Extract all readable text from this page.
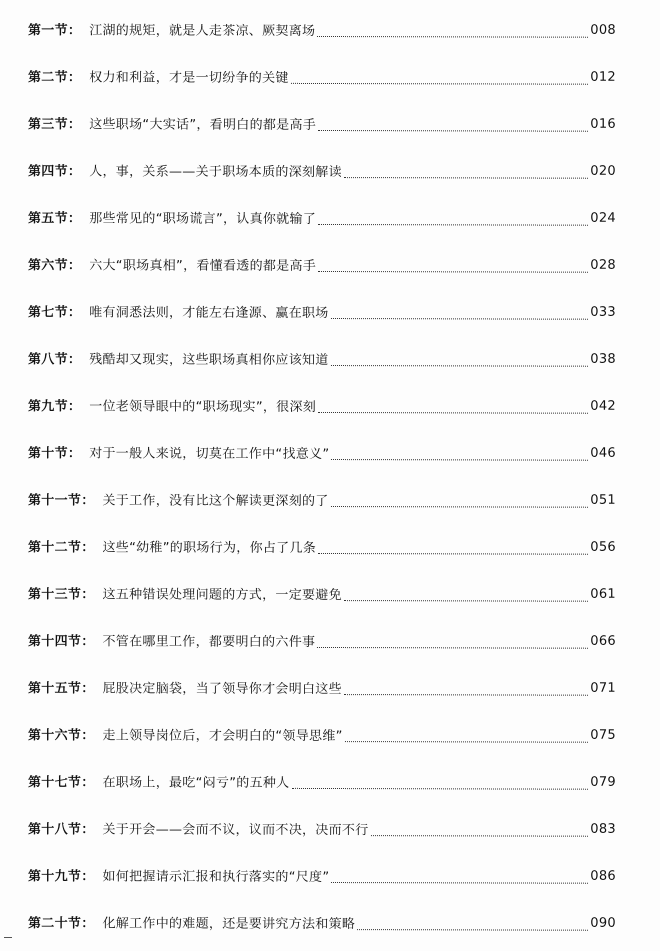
第一节 ： 江湖的规矩，就是人走茶凉、厥契离场	008
第二节 ： 权力和利益，才是一切纷争的关键	012
第三节 ： 这些职场“大实话”，看明白的都是高手	016
第四节 ： 人，事，关系——关于职场本质的深刻解读	020
第五节 ： 那些常见的“职场谎言”，认真你就输了	024
第六节 ： 六大“职场真相”，看懂看透的都是高手	028
第七节 ： 唯有洞悉法则，才能左右逢源、赢在职场	033
第八节 ： 残酷却又现实，这些职场真相你应该知道	038
第九节 ： 一位老领导眼中的“职场现实”，很深刻	042
第十节 ： 对于一般人来说，切莫在工作中“找意义”	046
第十一节 ： 关于工作，没有比这个解读更深刻的了	051
第十二节 ： 这些“幼稚”的职场行为，你占了几条	056
第十三节 ： 这五种错误处理问题的方式，一定要避免	061
第十四节 ： 不管在哪里工作，都要明白的六件事	066
第十五节 ： 屁股决定脑袋，当了领导你才会明白这些	071
第十六节 ： 走上领导岗位后，才会明白的“领导思维”	075
第十七节 ： 在职场上，最吃“闷亏”的五种人	079
第十八节 ： 关于开会——会而不议，议而不决，决而不行	083
第十九节 ： 如何把握请示汇报和执行落实的“尺度”	086
第二十节 ： 化解工作中的难题，还是要讲究方法和策略	090
